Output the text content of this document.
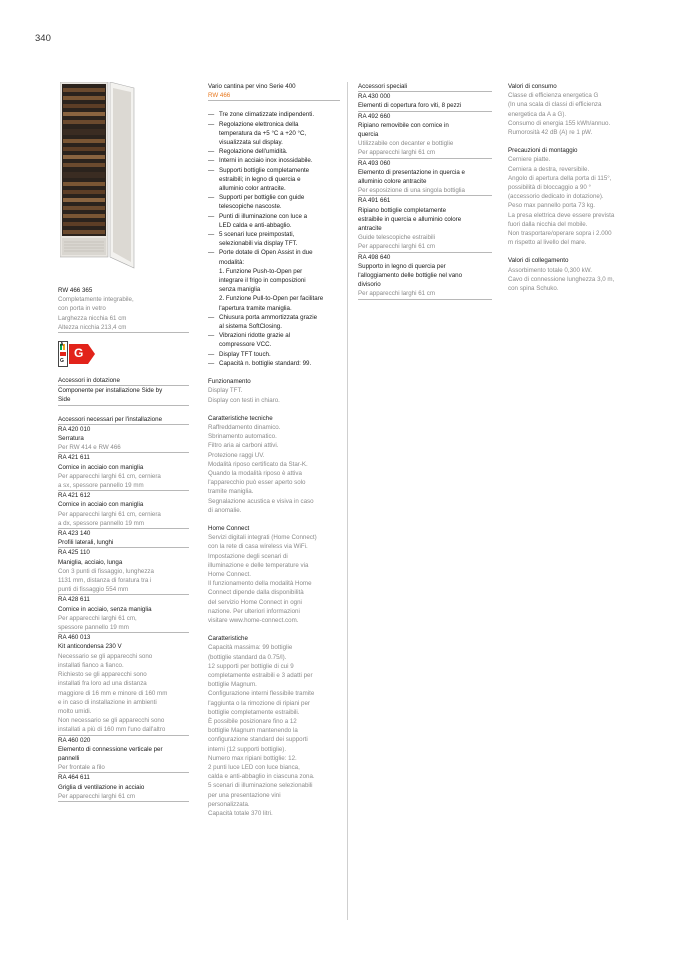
340
RW 466 365
Completamente integrabile,
con porta in vetro
Larghezza nicchia 61 cm
Altezza nicchia 213,4 cm
A
G
G
Accessori in dotazione
Componente per installazione Side by
Side
Accessori necessari per l'installazione
RA 420 010
Serratura
Per RW 414 e RW 466
RA 421 611
Cornice in acciaio con maniglia
Per apparecchi larghi 61 cm, cerniera
a sx, spessore pannello 19 mm
RA 421 612
Cornice in acciaio con maniglia
Per apparecchi larghi 61 cm, cerniera
a dx, spessore pannello 19 mm
RA 423 140
Profili laterali, lunghi
RA 425 110
Maniglia, acciaio, lunga
Con 3 punti di fissaggio, lunghezza
1131 mm, distanza di foratura tra i
punti di fissaggio 554 mm
RA 428 611
Cornice in acciaio, senza maniglia
Per apparecchi larghi 61 cm,
spessore pannello 19 mm
RA 460 013
Kit anticondensa 230 V
Necessario se gli apparecchi sono
installati fianco a fianco.
Richiesto se gli apparecchi sono
installati fra loro ad una distanza
maggiore di 16 mm e minore di 160 mm
e in caso di installazione in ambienti
molto umidi.
Non necessario se gli apparecchi sono
installati a più di 160 mm l'uno dall'altro
RA 460 020
Elemento di connessione verticale per
pannelli
Per frontale a filo
RA 464 611
Griglia di ventilazione in acciaio
Per apparecchi larghi 61 cm
Vario cantina per vino Serie 400
RW 466
— Tre zone climatizzate indipendenti.
— Regolazione elettronica della
temperatura da +5 °C a +20 °C,
visualizzata sul display.
— Regolazione dell'umidità.
— Interni in acciaio inox inossidabile.
— Supporti bottiglie completamente
estraibili; in legno di quercia e
alluminio color antracite.
— Supporti per bottiglie con guide
telescopiche nascoste.
— Punti di illuminazione con luce a
LED calda e anti-abbaglio.
— 5 scenari luce preimpostati,
selezionabili via display TFT.
— Porte dotate di Open Assist in due
modalità:
1. Funzione Push-to-Open per
integrare il frigo in composizioni
senza maniglia
2. Funzione Pull-to-Open per facilitare
l'apertura tramite maniglia.
— Chiusura porta ammortizzata grazie
al sistema SoftClosing.
— Vibrazioni ridotte grazie al
compressore VCC.
— Display TFT touch.
— Capacità n. bottiglie standard: 99.
Funzionamento
Display TFT.
Display con testi in chiaro.
Caratteristiche tecniche
Raffreddamento dinamico.
Sbrinamento automatico.
Filtro aria ai carboni attivi.
Protezione raggi UV.
Modalità riposo certificato da Star-K.
Quando la modalità riposo è attiva
l'apparecchio può esser aperto solo
tramite maniglia.
Segnalazione acustica e visiva in caso
di anomalie.
Home Connect
Servizi digitali integrati (Home Connect)
con la rete di casa wireless via WiFi.
Impostazione degli scenari di
illuminazione e delle temperature via
Home Connect.
Il funzionamento della modalità Home
Connect dipende dalla disponibilità
del servizio Home Connect in ogni
nazione. Per ulteriori informazioni
visitare www.home-connect.com.
Caratteristiche
Capacità massima: 99 bottiglie
(bottiglie standard da 0.75/l).
12 supporti per bottiglie di cui 9
completamente estraibili e 3 adatti per
bottiglie Magnum.
Configurazione interni flessibile tramite
l'aggiunta o la rimozione di ripiani per
bottiglie completamente estraibili.
È possibile posizionare fino a 12
bottiglie Magnum mantenendo la
configurazione standard dei supporti
interni (12 supporti bottiglie).
Numero max ripiani bottiglie: 12.
2 punti luce LED con luce bianca,
calda e anti-abbaglio in ciascuna zona.
5 scenari di illuminazione selezionabili
per una presentazione vini
personalizzata.
Capacità totale 370 litri.
Accessori speciali
RA 430 000
Elementi di copertura foro viti, 8 pezzi
RA 492 660
Ripiano removibile con cornice in
quercia
Utilizzabile con decanter e bottiglie
Per apparecchi larghi 61 cm
RA 493 060
Elemento di presentazione in quercia e
alluminio colore antracite
Per esposizione di una singola bottiglia
RA 491 661
Ripiano bottiglie completamente
estraibile in quercia e alluminio colore
antracite
Guide telescopiche estraibili
Per apparecchi larghi 61 cm
RA 498 640
Supporto in legno di quercia per
l'alloggiamento delle bottiglie nel vano
divisorio
Per apparecchi larghi 61 cm
Valori di consumo
Classe di efficienza energetica G
(In una scala di classi di efficienza
energetica da A a G).
Consumo di energia 155 kWh/annuo.
Rumorosità 42 dB (A) re 1 pW.
Precauzioni di montaggio
Cerniere piatte.
Cerniera a destra, reversibile.
Angolo di apertura della porta di 115°,
possibilità di bloccaggio a 90 °
(accessorio dedicato in dotazione).
Peso max pannello porta 73 kg.
La presa elettrica deve essere prevista
fuori dalla nicchia del mobile.
Non trasportare/operare sopra i 2.000
m rispetto al livello del mare.
Valori di collegamento
Assorbimento totale 0,300 kW.
Cavo di connessione lunghezza 3,0 m,
con spina Schuko.
